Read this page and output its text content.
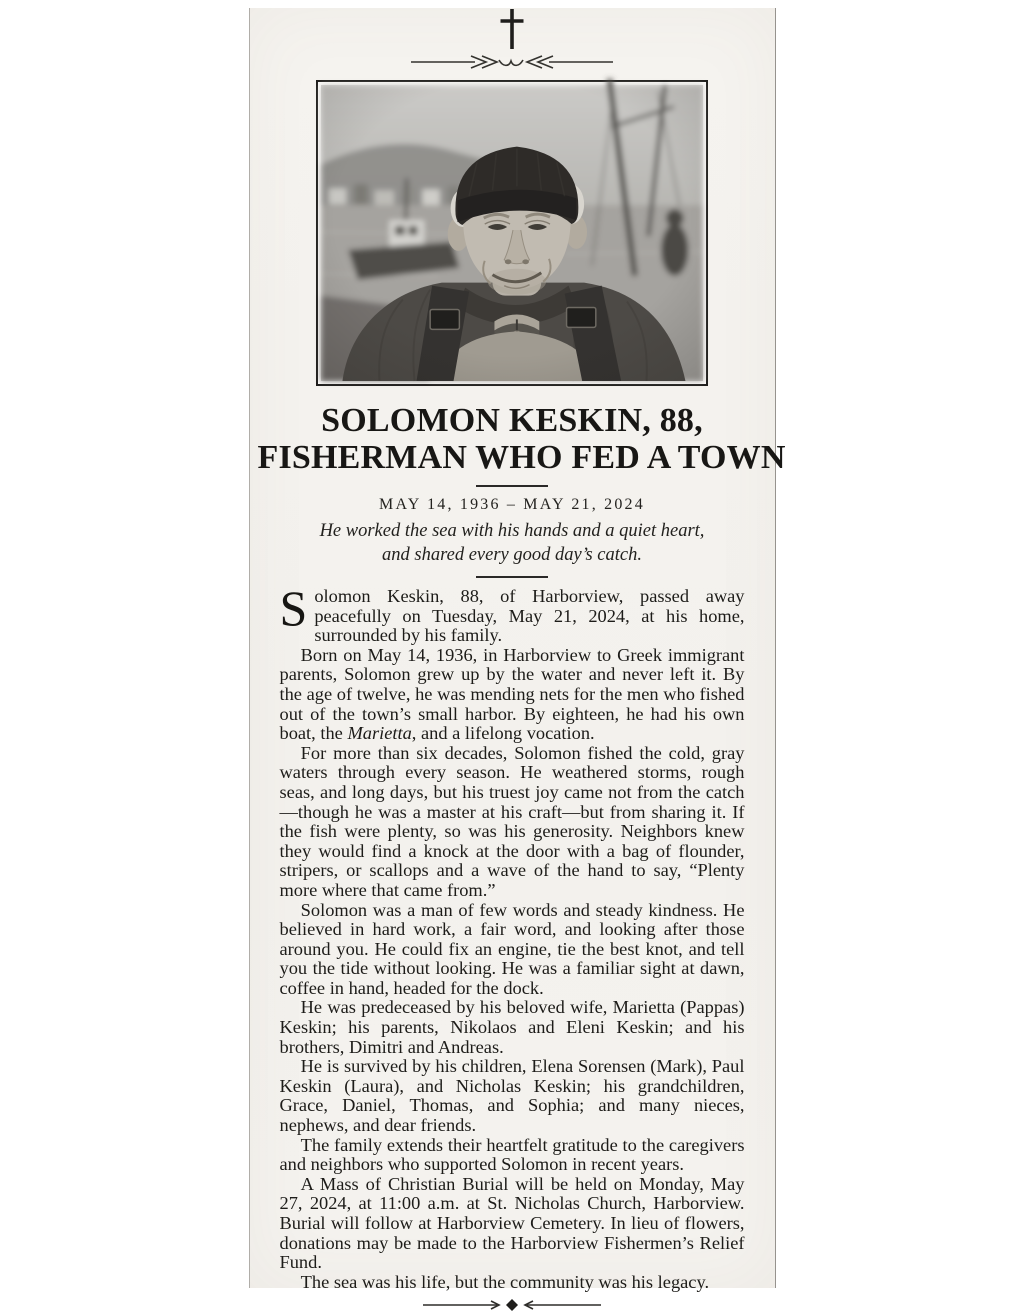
SOLOMON KESKIN, 88,
FISHERMAN WHO FED A TOWN
MAY 14, 1936 – MAY 21, 2024
He worked the sea with his hands and a quiet heart,
and shared every good day’s catch.

Solomon Keskin, 88, of Harborview, passed away peacefully on Tuesday, May 21, 2024, at his home, surrounded by his family.

Born on May 14, 1936, in Harborview to Greek immigrant parents, Solomon grew up by the water and never left it. By the age of twelve, he was mending nets for the men who fished out of the town’s small harbor. By eighteen, he had his own boat, the Marietta, and a lifelong vocation.

For more than six decades, Solomon fished the cold, gray waters through every season. He weathered storms, rough seas, and long days, but his truest joy came not from the catch—though he was a master at his craft—but from sharing it. If the fish were plenty, so was his generosity. Neighbors knew they would find a knock at the door with a bag of flounder, stripers, or scallops and a wave of the hand to say, “Plenty more where that came from.”

Solomon was a man of few words and steady kindness. He believed in hard work, a fair word, and looking after those around you. He could fix an engine, tie the best knot, and tell you the tide without looking. He was a familiar sight at dawn, coffee in hand, headed for the dock.

He was predeceased by his beloved wife, Marietta (Pappas) Keskin; his parents, Nikolaos and Eleni Keskin; and his brothers, Dimitri and Andreas.

He is survived by his children, Elena Sorensen (Mark), Paul Keskin (Laura), and Nicholas Keskin; his grandchildren, Grace, Daniel, Thomas, and Sophia; and many nieces, nephews, and dear friends.

The family extends their heartfelt gratitude to the caregivers and neighbors who supported Solomon in recent years.

A Mass of Christian Burial will be held on Monday, May 27, 2024, at 11:00 a.m. at St. Nicholas Church, Harborview. Burial will follow at Harborview Cemetery. In lieu of flowers, donations may be made to the Harborview Fishermen’s Relief Fund.

The sea was his life, but the community was his legacy.
